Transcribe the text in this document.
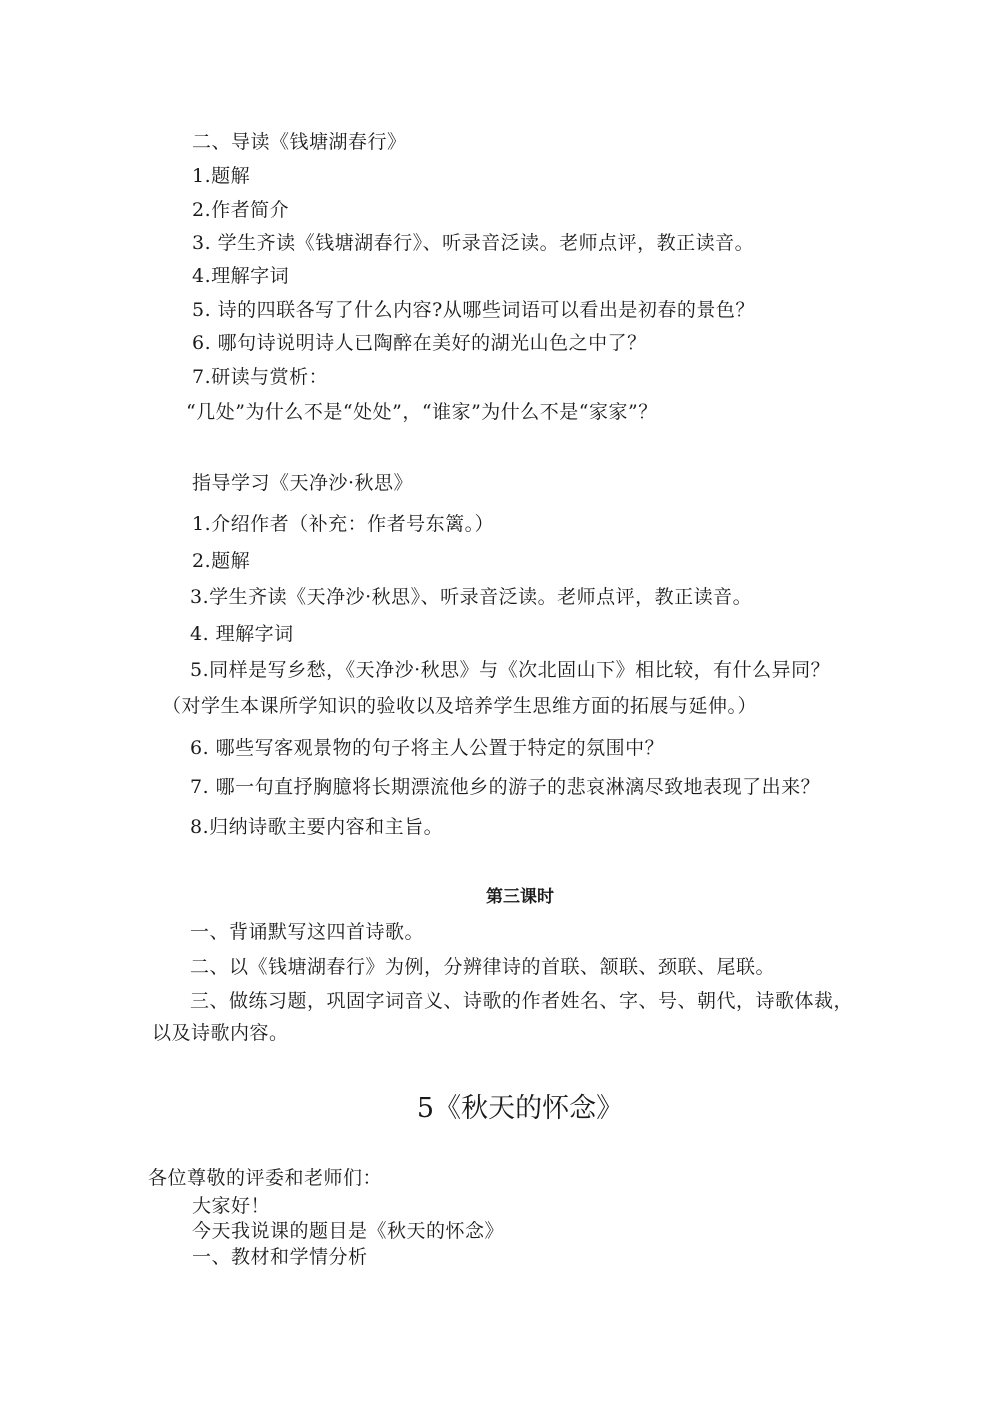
二、导读《钱塘湖春行》
1.题解
2.作者简介
3. 学生齐读《钱塘湖春行》、听录音泛读。老师点评，教正读音。
4.理解字词
5. 诗的四联各写了什么内容?从哪些词语可以看出是初春的景色？
6. 哪句诗说明诗人已陶醉在美好的湖光山色之中了？
7.研读与赏析：
“几处”为什么不是“处处”，“谁家”为什么不是“家家”？
指导学习《天净沙·秋思》
1.介绍作者（补充：作者号东篱。）
2.题解
3.学生齐读《天净沙·秋思》、听录音泛读。老师点评，教正读音。
4. 理解字词
5.同样是写乡愁，《天净沙·秋思》与《次北固山下》相比较，有什么异同？
（对学生本课所学知识的验收以及培养学生思维方面的拓展与延伸。）
6. 哪些写客观景物的句子将主人公置于特定的氛围中？
7. 哪一句直抒胸臆将长期漂流他乡的游子的悲哀淋漓尽致地表现了出来？
8.归纳诗歌主要内容和主旨。
第三课时
一、背诵默写这四首诗歌。
二、以《钱塘湖春行》为例，分辨律诗的首联、颔联、颈联、尾联。
三、做练习题，巩固字词音义、诗歌的作者姓名、字、号、朝代，诗歌体裁，
以及诗歌内容。
5《秋天的怀念》
各位尊敬的评委和老师们：
大家好！
今天我说课的题目是《秋天的怀念》
一、教材和学情分析
